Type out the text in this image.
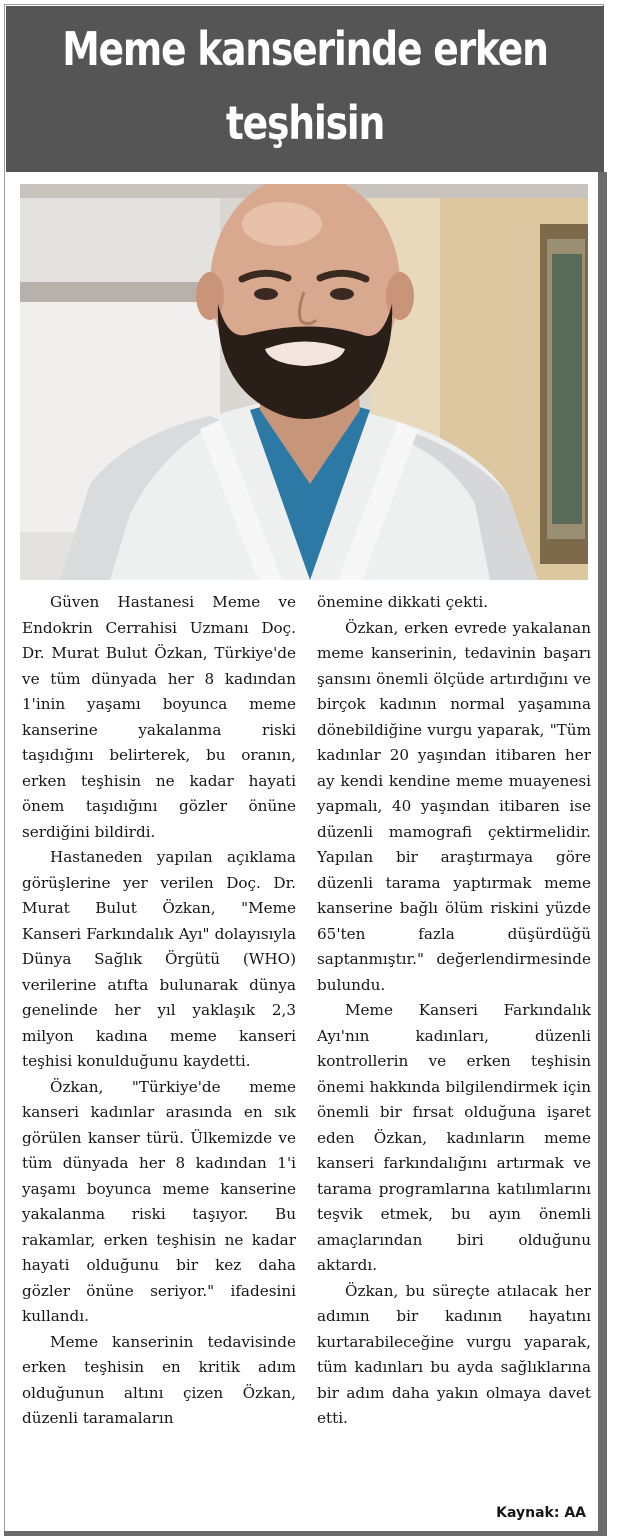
Meme kanserinde erken
teşhisin

Güven Hastanesi Meme ve Endokrin Cerrahisi Uzmanı Doç. Dr. Murat Bulut Özkan, Türkiye'de ve tüm dünyada her 8 kadından 1'inin yaşamı boyunca meme kanserine yakalanma riski taşıdığını belirterek, bu oranın, erken teşhisin ne kadar hayati önem taşıdığını gözler önüne serdiğini bildirdi.

Hastaneden yapılan açıklama görüşlerine yer verilen Doç. Dr. Murat Bulut Özkan, "Meme Kanseri Farkındalık Ayı" dolayısıyla Dünya Sağlık Örgütü (WHO) verilerine atıfta bulunarak dünya genelinde her yıl yaklaşık 2,3 milyon kadına meme kanseri teşhisi konulduğunu kaydetti.

Özkan, "Türkiye'de meme kanseri kadınlar arasında en sık görülen kanser türü. Ülkemizde ve tüm dünyada her 8 kadından 1'i yaşamı boyunca meme kanserine yakalanma riski taşıyor. Bu rakamlar, erken teşhisin ne kadar hayati olduğunu bir kez daha gözler önüne seriyor." ifadesini kullandı.

Meme kanserinin tedavisinde erken teşhisin en kritik adım olduğunun altını çizen Özkan, düzenli taramaların

önemine dikkati çekti.

Özkan, erken evrede yakalanan meme kanserinin, tedavinin başarı şansını önemli ölçüde artırdığını ve birçok kadının normal yaşamına dönebildiğine vurgu yaparak, "Tüm kadınlar 20 yaşından itibaren her ay kendi kendine meme muayenesi yapmalı, 40 yaşından itibaren ise düzenli mamografi çektirmelidir. Yapılan bir araştırmaya göre düzenli tarama yaptırmak meme kanserine bağlı ölüm riskini yüzde 65'ten fazla düşürdüğü saptanmıştır." değerlendirmesinde bulundu.

Meme Kanseri Farkındalık Ayı'nın kadınları, düzenli kontrollerin ve erken teşhisin önemi hakkında bilgilendirmek için önemli bir fırsat olduğuna işaret eden Özkan, kadınların meme kanseri farkındalığını artırmak ve tarama programlarına katılımlarını teşvik etmek, bu ayın önemli amaçlarından biri olduğunu aktardı.

Özkan, bu süreçte atılacak her adımın bir kadının hayatını kurtarabileceğine vurgu yaparak, tüm kadınları bu ayda sağlıklarına bir adım daha yakın olmaya davet etti.

Kaynak: AA
